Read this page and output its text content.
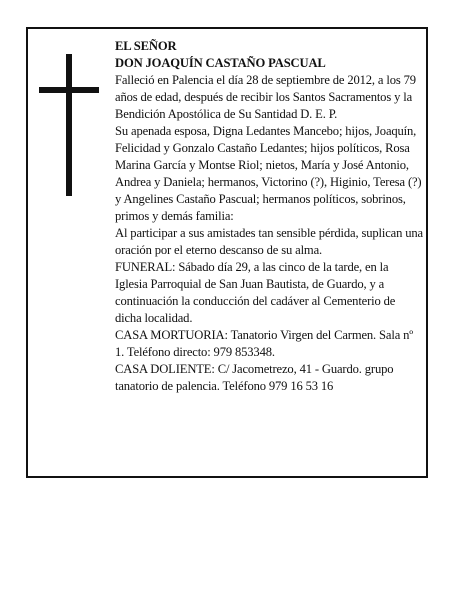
EL SEÑOR

DON JOAQUÍN CASTAÑO PASCUAL

Falleció en Palencia el día 28 de septiembre de 2012, a los 79 años de edad, después de recibir los Santos Sacramentos y la Bendición Apostólica de Su Santidad D. E. P.

Su apenada esposa, Digna Ledantes Mancebo; hijos, Joaquín, Felicidad y Gonzalo Castaño Ledantes; hijos políticos, Rosa Marina García y Montse Riol; nietos, María y José Antonio, Andrea y Daniela; hermanos, Victorino (?), Higinio, Teresa (?) y Angelines Castaño Pascual; hermanos políticos, sobrinos, primos y demás familia:

Al participar a sus amistades tan sensible pérdida, suplican una oración por el eterno descanso de su alma.

FUNERAL: Sábado día 29, a las cinco de la tarde, en la Iglesia Parroquial de San Juan Bautista, de Guardo, y a continuación la conducción del cadáver al Cementerio de dicha localidad.

CASA MORTUORIA: Tanatorio Virgen del Carmen. Sala nº 1. Teléfono directo: 979 853348.

CASA DOLIENTE: C/ Jacometrezo, 41 - Guardo. grupo tanatorio de palencia. Teléfono 979 16 53 16
